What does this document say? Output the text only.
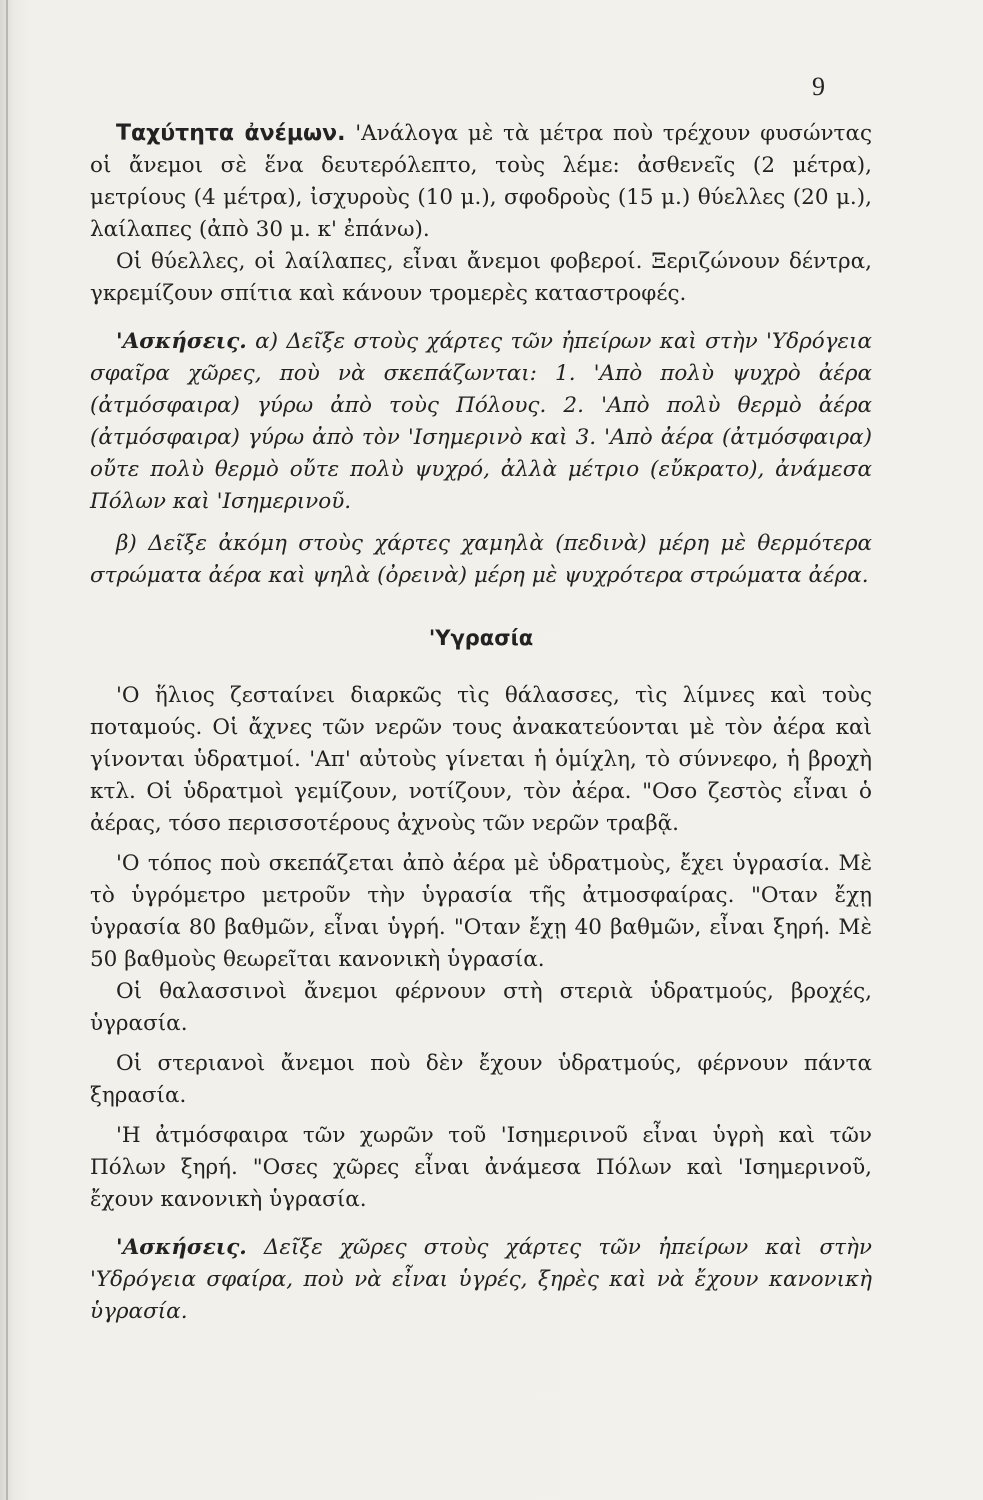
9

Ταχύτητα ἀνέμων. 'Ανάλογα μὲ τὰ μέτρα ποὺ τρέχουν φυσώντας οἱ ἄνεμοι σὲ ἕνα δευτερόλεπτο, τοὺς λέμε: ἀσθενεῖς (2 μέτρα), μετρίους (4 μέτρα), ἰσχυροὺς (10 μ.), σφοδροὺς (15 μ.) θύελλες (20 μ.), λαίλαπες (ἀπὸ 30 μ. κ' ἐπάνω).

Οἱ θύελλες, οἱ λαίλαπες, εἶναι ἄνεμοι φοβεροί. Ξεριζώνουν δέντρα, γκρεμίζουν σπίτια καὶ κάνουν τρομερὲς καταστροφές.

'Ασκήσεις. α) Δεῖξε στοὺς χάρτες τῶν ἠπείρων καὶ στὴν 'Υδρόγεια σφαῖρα χῶρες, ποὺ νὰ σκεπάζωνται: 1. 'Απὸ πολὺ ψυχρὸ ἀέρα (ἀτμόσφαιρα) γύρω ἀπὸ τοὺς Πόλους. 2. 'Απὸ πολὺ θερμὸ ἀέρα (ἀτμόσφαιρα) γύρω ἀπὸ τὸν 'Ισημερινὸ καὶ 3. 'Απὸ ἀέρα (ἀτμόσφαιρα) οὔτε πολὺ θερμὸ οὔτε πολὺ ψυχρό, ἀλλὰ μέτριο (εὔκρατο), ἀνάμεσα Πόλων καὶ 'Ισημερινοῦ.

β) Δεῖξε ἀκόμη στοὺς χάρτες χαμηλὰ (πεδινὰ) μέρη μὲ θερμότερα στρώματα ἀέρα καὶ ψηλὰ (ὀρεινὰ) μέρη μὲ ψυχρότερα στρώματα ἀέρα.

'Υγρασία

'Ο ἥλιος ζεσταίνει διαρκῶς τὶς θάλασσες, τὶς λίμνες καὶ τοὺς ποταμούς. Οἱ ἄχνες τῶν νερῶν τους ἀνακατεύονται μὲ τὸν ἀέρα καὶ γίνονται ὑδρατμοί. 'Απ' αὐτοὺς γίνεται ἡ ὁμίχλη, τὸ σύννεφο, ἡ βροχὴ κτλ. Οἱ ὑδρατμοὶ γεμίζουν, νοτίζουν, τὸν ἀέρα. "Οσο ζεστὸς εἶναι ὁ ἀέρας, τόσο περισσοτέρους ἀχνοὺς τῶν νερῶν τραβᾷ.

'Ο τόπος ποὺ σκεπάζεται ἀπὸ ἀέρα μὲ ὑδρατμοὺς, ἔχει ὑγρασία. Μὲ τὸ ὑγρόμετρο μετροῦν τὴν ὑγρασία τῆς ἀτμοσφαίρας. "Οταν ἔχῃ ὑγρασία 80 βαθμῶν, εἶναι ὑγρή. "Οταν ἔχῃ 40 βαθμῶν, εἶναι ξηρή. Μὲ 50 βαθμοὺς θεωρεῖται κανονικὴ ὑγρασία.

Οἱ θαλασσινοὶ ἄνεμοι φέρνουν στὴ στεριὰ ὑδρατμούς, βροχές, ὑγρασία.

Οἱ στεριανοὶ ἄνεμοι ποὺ δὲν ἔχουν ὑδρατμούς, φέρνουν πάντα ξηρασία.

'Η ἀτμόσφαιρα τῶν χωρῶν τοῦ 'Ισημερινοῦ εἶναι ὑγρὴ καὶ τῶν Πόλων ξηρή. "Οσες χῶρες εἶναι ἀνάμεσα Πόλων καὶ 'Ισημερινοῦ, ἔχουν κανονικὴ ὑγρασία.

'Ασκήσεις. Δεῖξε χῶρες στοὺς χάρτες τῶν ἠπείρων καὶ στὴν 'Υδρόγεια σφαίρα, ποὺ νὰ εἶναι ὑγρές, ξηρὲς καὶ νὰ ἔχουν κανονικὴ ὑγρασία.
